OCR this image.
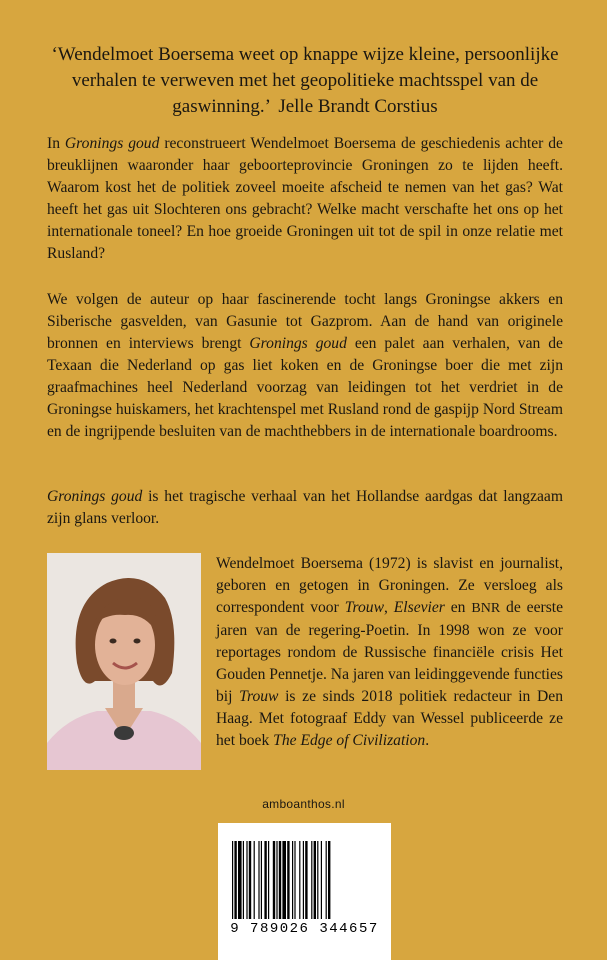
‘Wendelmoet Boersema weet op knappe wijze kleine, persoonlijke verhalen te verweven met het geopolitieke machtsspel van de gaswinning.’ Jelle Brandt Corstius

In Gronings goud reconstrueert Wendelmoet Boersema de geschiedenis achter de breuklijnen waaronder haar geboorteprovincie Groningen zo te lijden heeft. Waarom kost het de politiek zoveel moeite afscheid te nemen van het gas? Wat heeft het gas uit Slochteren ons gebracht? Welke macht verschafte het ons op het internationale toneel? En hoe groeide Groningen uit tot de spil in onze relatie met Rusland?

We volgen de auteur op haar fascinerende tocht langs Groningse akkers en Siberische gasvelden, van Gasunie tot Gazprom. Aan de hand van originele bronnen en interviews brengt Gronings goud een palet aan verhalen, van de Texaan die Nederland op gas liet koken en de Groningse boer die met zijn graafmachines heel Nederland voorzag van leidingen tot het verdriet in de Groningse huiskamers, het krachtenspel met Rusland rond de gaspijp Nord Stream en de ingrijpende besluiten van de machthebbers in de internationale boardrooms.

Gronings goud is het tragische verhaal van het Hollandse aardgas dat langzaam zijn glans verloor.

Wendelmoet Boersema (1972) is slavist en journalist, geboren en getogen in Groningen. Ze versloeg als correspondent voor Trouw, Elsevier en BNR de eerste jaren van de regering-Poetin. In 1998 won ze voor reportages rondom de Russische financiële crisis Het Gouden Pennetje. Na jaren van leidinggevende functies bij Trouw is ze sinds 2018 politiek redacteur in Den Haag. Met fotograaf Eddy van Wessel publiceerde ze het boek The Edge of Civilization.

amboanthos.nl
9 789026 344657
